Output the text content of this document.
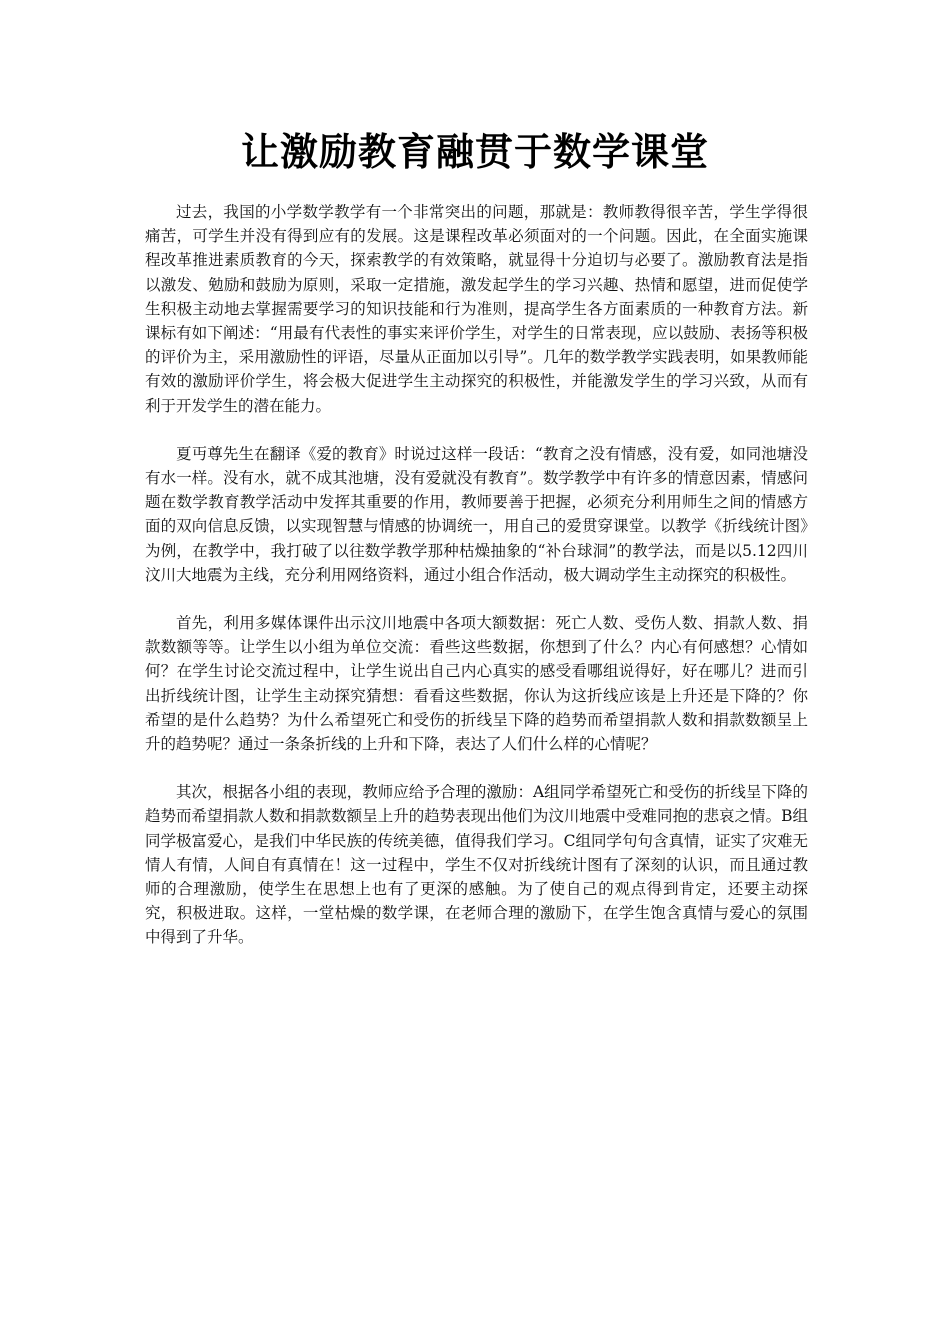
让激励教育融贯于数学课堂

过去，我国的小学数学教学有一个非常突出的问题，那就是：教师教得很辛苦，学生学得很痛苦，可学生并没有得到应有的发展。这是课程改革必须面对的一个问题。因此，在全面实施课程改革推进素质教育的今天，探索教学的有效策略，就显得十分迫切与必要了。激励教育法是指以激发、勉励和鼓励为原则，采取一定措施，激发起学生的学习兴趣、热情和愿望，进而促使学生积极主动地去掌握需要学习的知识技能和行为准则，提高学生各方面素质的一种教育方法。新课标有如下阐述：“用最有代表性的事实来评价学生，对学生的日常表现，应以鼓励、表扬等积极的评价为主，采用激励性的评语，尽量从正面加以引导”。几年的数学教学实践表明，如果教师能有效的激励评价学生，将会极大促进学生主动探究的积极性，并能激发学生的学习兴致，从而有利于开发学生的潜在能力。

夏丏尊先生在翻译《爱的教育》时说过这样一段话：“教育之没有情感，没有爱，如同池塘没有水一样。没有水，就不成其池塘，没有爱就没有教育”。数学教学中有许多的情意因素，情感问题在数学教育教学活动中发挥其重要的作用，教师要善于把握，必须充分利用师生之间的情感方面的双向信息反馈，以实现智慧与情感的协调统一，用自己的爱贯穿课堂。以教学《折线统计图》为例，在教学中，我打破了以往数学教学那种枯燥抽象的“补台球洞”的教学法，而是以5.12四川汶川大地震为主线，充分利用网络资料，通过小组合作活动，极大调动学生主动探究的积极性。

首先，利用多媒体课件出示汶川地震中各项大额数据：死亡人数、受伤人数、捐款人数、捐款数额等等。让学生以小组为单位交流：看些这些数据，你想到了什么？内心有何感想？心情如何？在学生讨论交流过程中，让学生说出自己内心真实的感受看哪组说得好，好在哪儿？进而引出折线统计图，让学生主动探究猜想：看看这些数据，你认为这折线应该是上升还是下降的？你希望的是什么趋势？为什么希望死亡和受伤的折线呈下降的趋势而希望捐款人数和捐款数额呈上升的趋势呢？通过一条条折线的上升和下降，表达了人们什么样的心情呢？

其次，根据各小组的表现，教师应给予合理的激励：A组同学希望死亡和受伤的折线呈下降的趋势而希望捐款人数和捐款数额呈上升的趋势表现出他们为汶川地震中受难同抱的悲哀之情。B组同学极富爱心，是我们中华民族的传统美德，值得我们学习。C组同学句句含真情，证实了灾难无情人有情，人间自有真情在！这一过程中，学生不仅对折线统计图有了深刻的认识，而且通过教师的合理激励，使学生在思想上也有了更深的感触。为了使自己的观点得到肯定，还要主动探究，积极进取。这样，一堂枯燥的数学课，在老师合理的激励下，在学生饱含真情与爱心的氛围中得到了升华。
